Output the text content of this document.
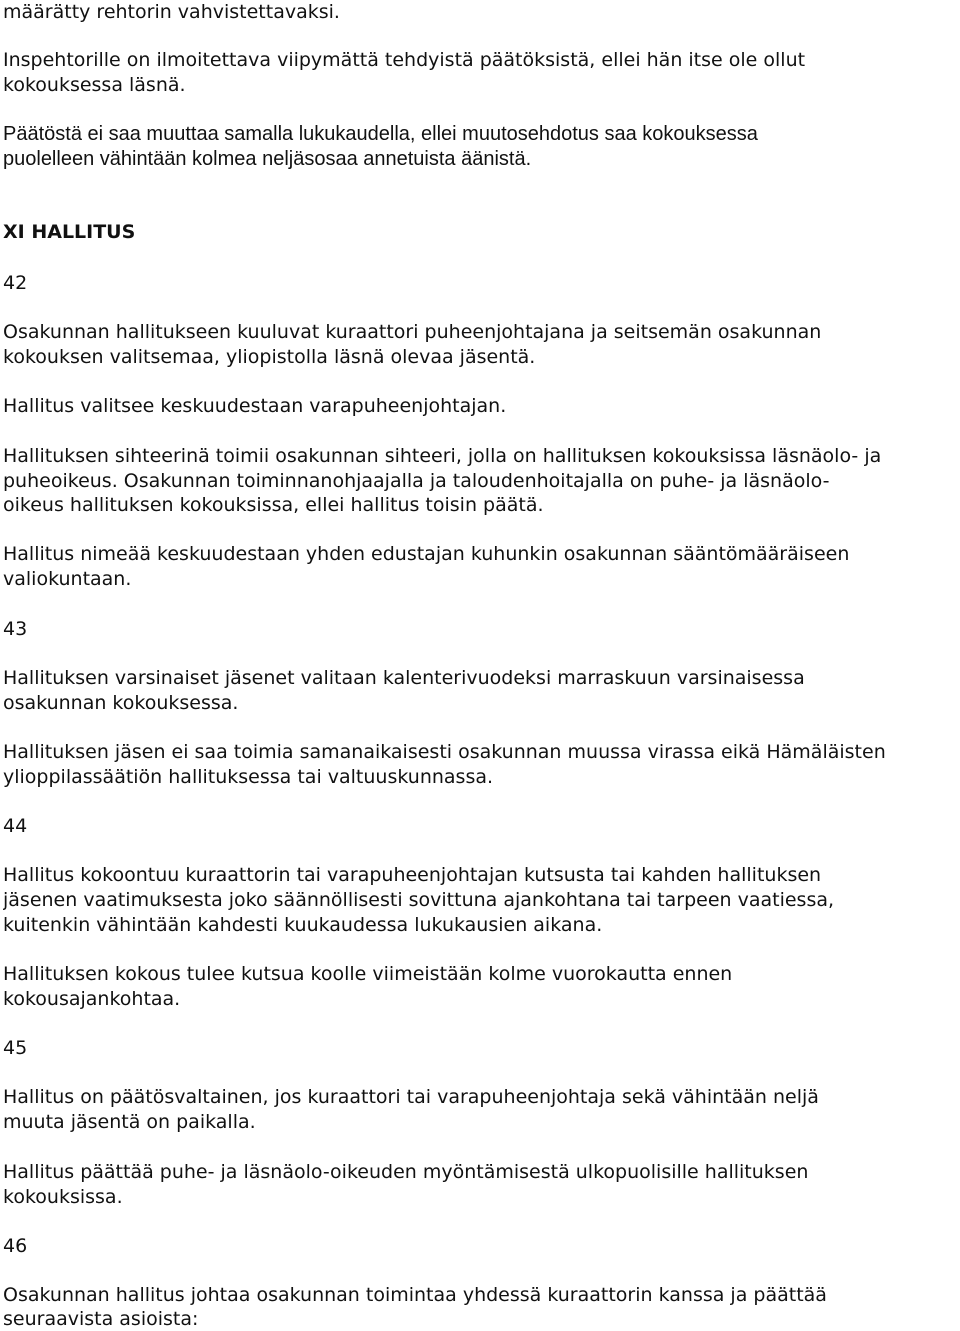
määrätty rehtorin vahvistettavaksi.

Inspehtorille on ilmoitettava viipymättä tehdyistä päätöksistä, ellei hän itse ole ollut

kokouksessa läsnä.

Päätöstä ei saa muuttaa samalla lukukaudella, ellei muutosehdotus saa kokouksessa

puolelleen vähintään kolmea neljäsosaa annetuista äänistä.

XI HALLITUS

42

Osakunnan hallitukseen kuuluvat kuraattori puheenjohtajana ja seitsemän osakunnan

kokouksen valitsemaa, yliopistolla läsnä olevaa jäsentä.

Hallitus valitsee keskuudestaan varapuheenjohtajan.

Hallituksen sihteerinä toimii osakunnan sihteeri, jolla on hallituksen kokouksissa läsnäolo- ja

puheoikeus. Osakunnan toiminnanohjaajalla ja taloudenhoitajalla on puhe- ja läsnäolo-

oikeus hallituksen kokouksissa, ellei hallitus toisin päätä.

Hallitus nimeää keskuudestaan yhden edustajan kuhunkin osakunnan sääntömääräiseen

valiokuntaan.

43

Hallituksen varsinaiset jäsenet valitaan kalenterivuodeksi marraskuun varsinaisessa

osakunnan kokouksessa.

Hallituksen jäsen ei saa toimia samanaikaisesti osakunnan muussa virassa eikä Hämäläisten

ylioppilassäätiön hallituksessa tai valtuuskunnassa.

44

Hallitus kokoontuu kuraattorin tai varapuheenjohtajan kutsusta tai kahden hallituksen

jäsenen vaatimuksesta joko säännöllisesti sovittuna ajankohtana tai tarpeen vaatiessa,

kuitenkin vähintään kahdesti kuukaudessa lukukausien aikana.

Hallituksen kokous tulee kutsua koolle viimeistään kolme vuorokautta ennen

kokousajankohtaa.

45

Hallitus on päätösvaltainen, jos kuraattori tai varapuheenjohtaja sekä vähintään neljä

muuta jäsentä on paikalla.

Hallitus päättää puhe- ja läsnäolo-oikeuden myöntämisestä ulkopuolisille hallituksen

kokouksissa.

46

Osakunnan hallitus johtaa osakunnan toimintaa yhdessä kuraattorin kanssa ja päättää

seuraavista asioista:
